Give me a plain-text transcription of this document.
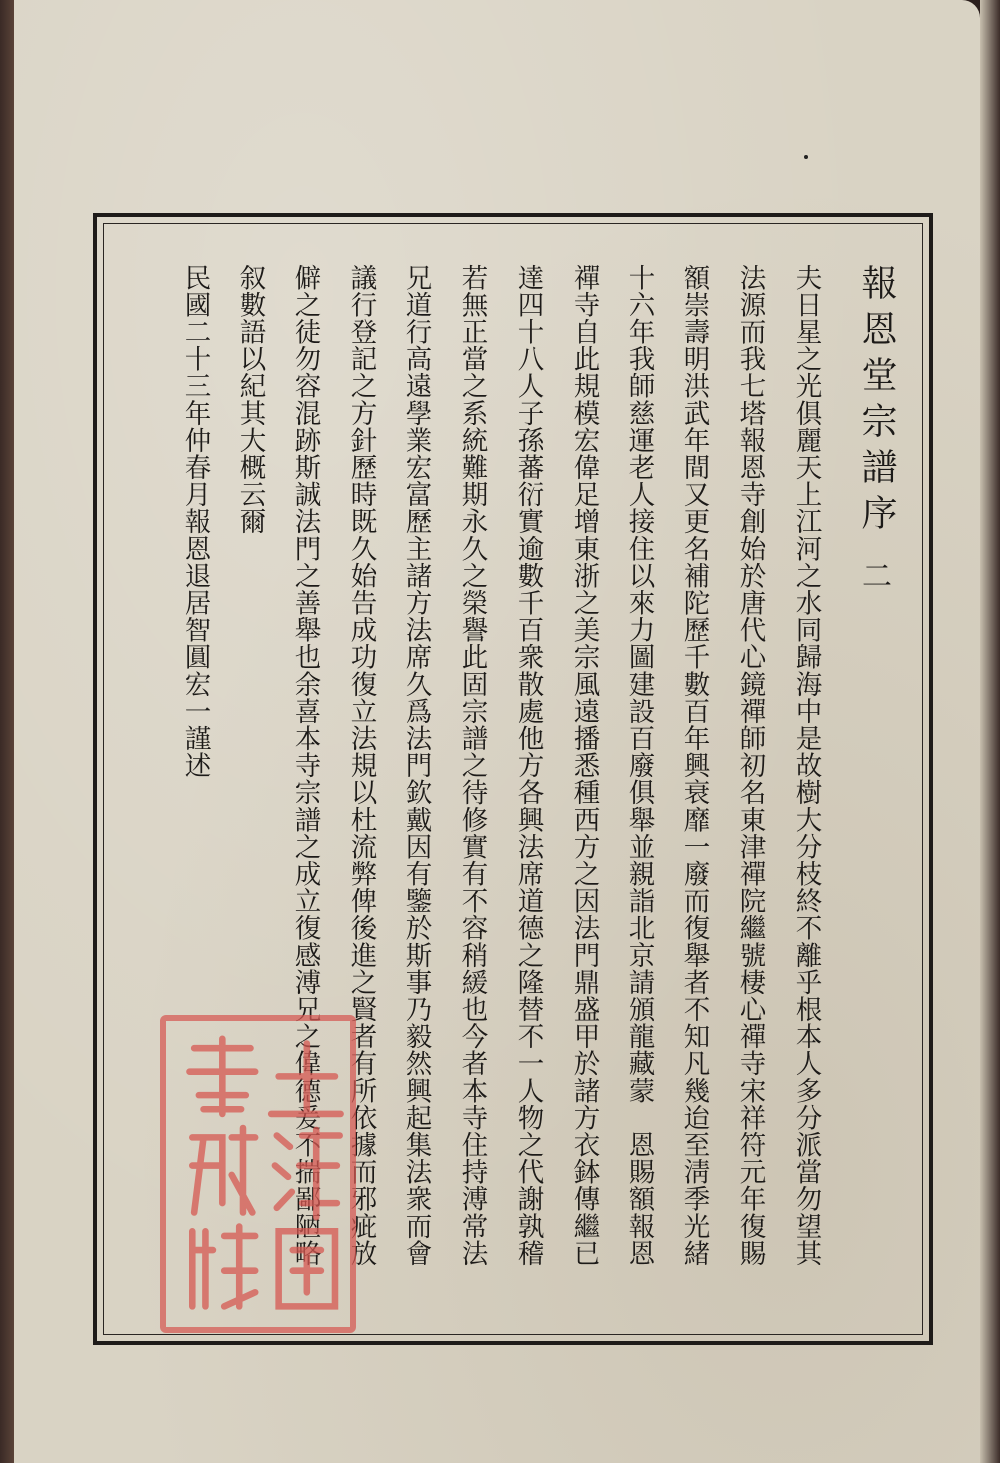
報恩堂宗譜序
二
夫日星之光俱麗天上江河之水同歸海中是故樹大分枝終不離乎根本人多分派當勿望其
法源而我七塔報恩寺創始於唐代心鏡禪師初名東津禪院繼號棲心禪寺宋祥符元年復賜
額崇壽明洪武年間又更名補陀歷千數百年興衰靡一廢而復舉者不知凡幾迨至淸季光緒
十六年我師慈運老人接住以來力圖建設百廢俱舉並親詣北京請頒龍藏蒙　恩賜額報恩
禪寺自此規模宏偉足增東浙之美宗風遠播悉種西方之因法門鼎盛甲於諸方衣鉢傳繼已
達四十八人子孫蕃衍實逾數千百衆散處他方各興法席道德之隆替不一人物之代謝孰稽
若無正當之系統難期永久之榮譽此固宗譜之待修實有不容稍緩也今者本寺住持溥常法
兄道行高遠學業宏富歷主諸方法席久爲法門欽戴因有鑒於斯事乃毅然興起集法衆而會
議行登記之方針歷時既久始告成功復立法規以杜流弊俾後進之賢者有所依據而邪疵放
僻之徒勿容混跡斯誠法門之善舉也余喜本寺宗譜之成立復感溥兄之偉德爰不揣鄙陋略
叙數語以紀其大概云爾
民國二十三年仲春月報恩退居智圓宏一謹述
